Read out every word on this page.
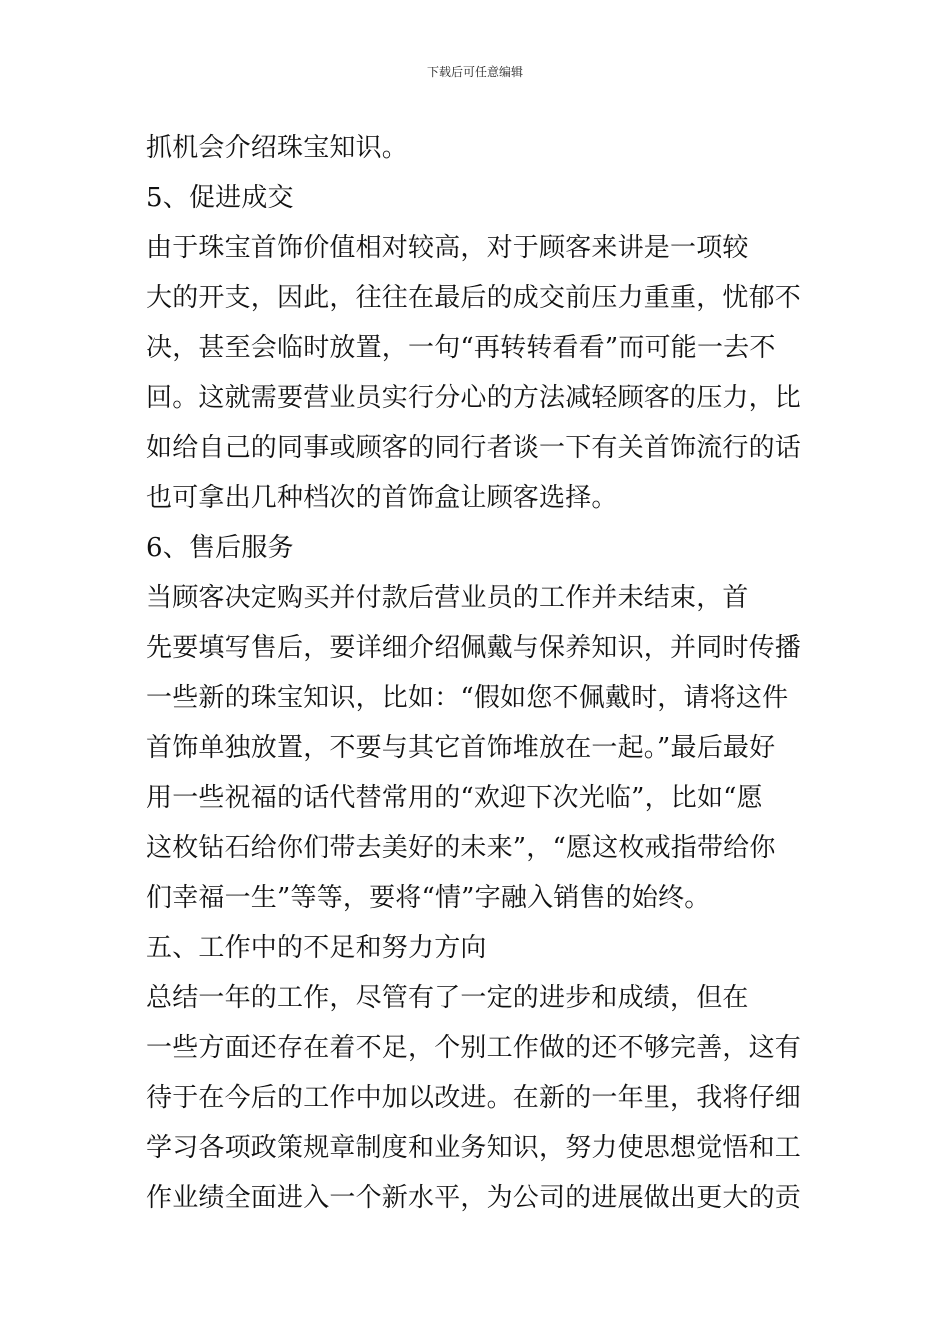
下载后可任意编辑
抓机会介绍珠宝知识。
5、促进成交
由于珠宝首饰价值相对较高，对于顾客来讲是一项较
大的开支，因此，往往在最后的成交前压力重重，忧郁不
决，甚至会临时放置，一句“再转转看看”而可能一去不
回。这就需要营业员实行分心的方法减轻顾客的压力，比
如给自己的同事或顾客的同行者谈一下有关首饰流行的话
也可拿出几种档次的首饰盒让顾客选择。
6、售后服务
当顾客决定购买并付款后营业员的工作并未结束，首
先要填写售后，要详细介绍佩戴与保养知识，并同时传播
一些新的珠宝知识，比如：“假如您不佩戴时，请将这件
首饰单独放置，不要与其它首饰堆放在一起。”最后最好
用一些祝福的话代替常用的“欢迎下次光临”，比如“愿
这枚钻石给你们带去美好的未来”，“愿这枚戒指带给你
们幸福一生”等等，要将“情”字融入销售的始终。
五、工作中的不足和努力方向
总结一年的工作，尽管有了一定的进步和成绩，但在
一些方面还存在着不足，个别工作做的还不够完善，这有
待于在今后的工作中加以改进。在新的一年里，我将仔细
学习各项政策规章制度和业务知识，努力使思想觉悟和工
作业绩全面进入一个新水平，为公司的进展做出更大的贡
